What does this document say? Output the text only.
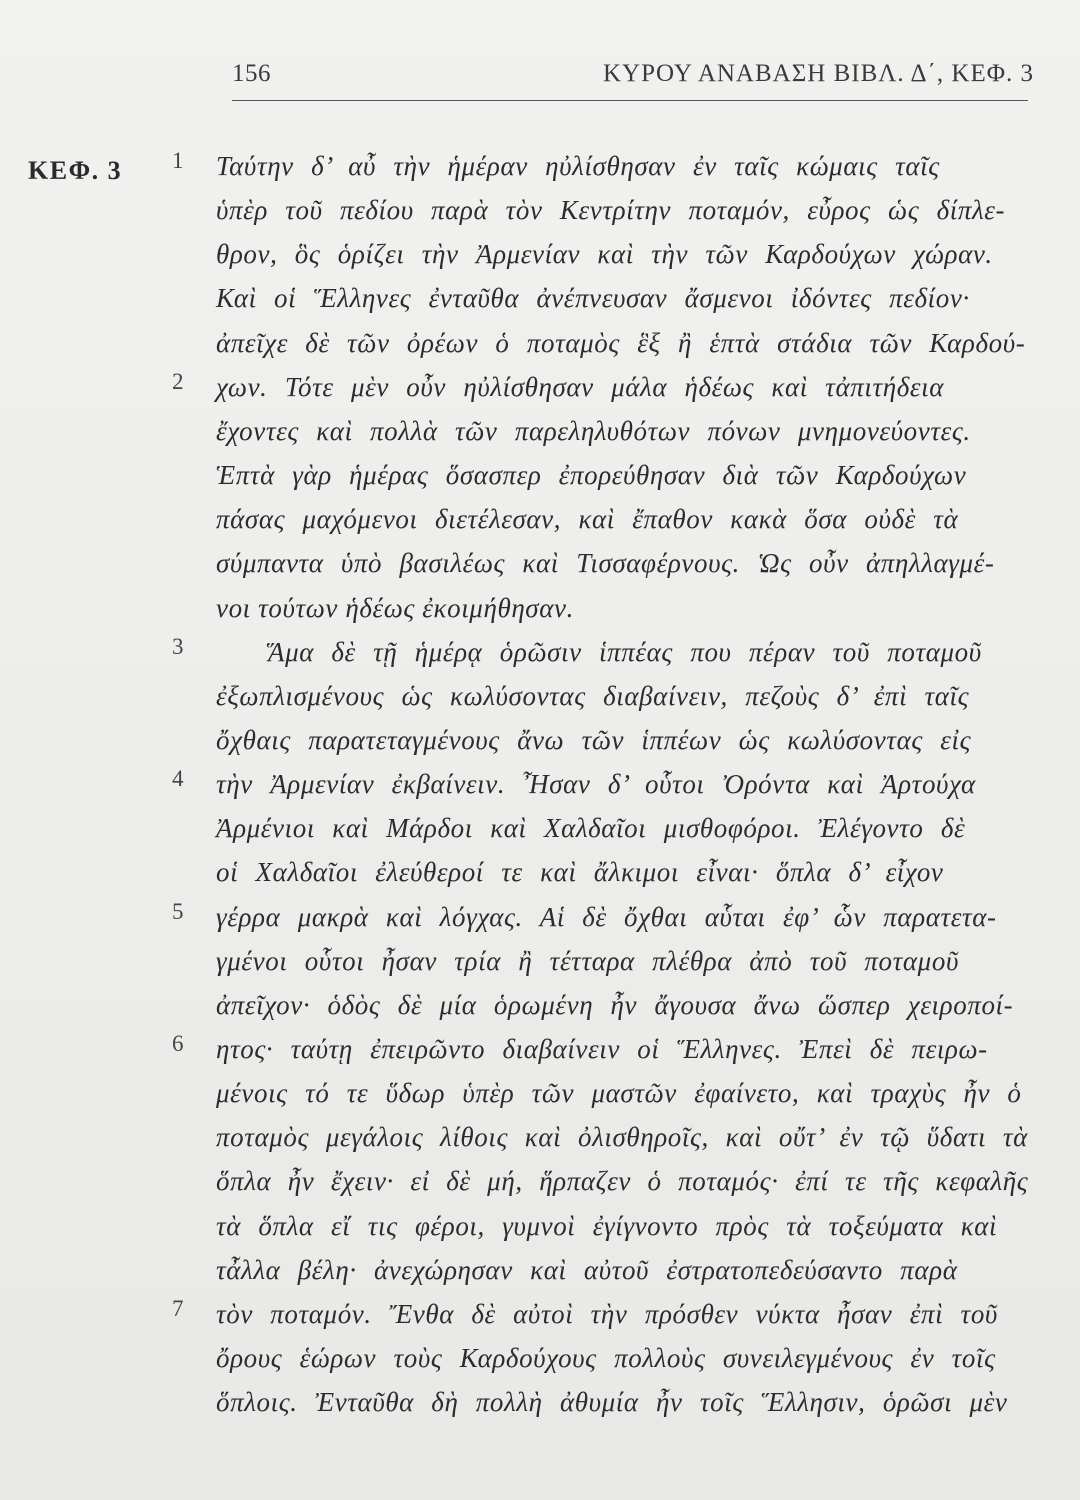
156	ΚΥΡΟΥ ΑΝΑΒΑΣΗ ΒΙΒΛ. Δ΄, ΚΕΦ. 3
ΚΕΦ. 3 1 Ταύτην δ’ αὖ τὴν ἡμέραν ηὐλίσθησαν ἐν ταῖς κώμαις ταῖς
ὑπὲρ τοῦ πεδίου παρὰ τὸν Κεντρίτην ποταμόν, εὖρος ὡς δίπλε-
θρον, ὃς ὁρίζει τὴν Ἀρμενίαν καὶ τὴν τῶν Καρδούχων χώραν.
Καὶ οἱ Ἕλληνες ἐνταῦθα ἀνέπνευσαν ἄσμενοι ἰδόντες πεδίον·
ἀπεῖχε δὲ τῶν ὀρέων ὁ ποταμὸς ἓξ ἢ ἑπτὰ στάδια τῶν Καρδού-
2 χων. Τότε μὲν οὖν ηὐλίσθησαν μάλα ἡδέως καὶ τἀπιτήδεια
ἔχοντες καὶ πολλὰ τῶν παρεληλυθότων πόνων μνημονεύοντες.
Ἑπτὰ γὰρ ἡμέρας ὅσασπερ ἐπορεύθησαν διὰ τῶν Καρδούχων
πάσας μαχόμενοι διετέλεσαν, καὶ ἔπαθον κακὰ ὅσα οὐδὲ τὰ
σύμπαντα ὑπὸ βασιλέως καὶ Τισσαφέρνους. Ὡς οὖν ἀπηλλαγμέ-
νοι τούτων ἡδέως ἐκοιμήθησαν.
3	Ἅμα δὲ τῇ ἡμέρᾳ ὁρῶσιν ἱππέας που πέραν τοῦ ποταμοῦ
ἐξωπλισμένους ὡς κωλύσοντας διαβαίνειν, πεζοὺς δ’ ἐπὶ ταῖς
ὄχθαις παρατεταγμένους ἄνω τῶν ἱππέων ὡς κωλύσοντας εἰς
4 τὴν Ἀρμενίαν ἐκβαίνειν. Ἦσαν δ’ οὗτοι Ὀρόντα καὶ Ἀρτούχα
Ἀρμένιοι καὶ Μάρδοι καὶ Χαλδαῖοι μισθοφόροι. Ἐλέγοντο δὲ
οἱ Χαλδαῖοι ἐλεύθεροί τε καὶ ἄλκιμοι εἶναι· ὅπλα δ’ εἶχον
5 γέρρα μακρὰ καὶ λόγχας. Αἱ δὲ ὄχθαι αὗται ἐφ’ ὧν παρατετα-
γμένοι οὗτοι ἦσαν τρία ἢ τέτταρα πλέθρα ἀπὸ τοῦ ποταμοῦ
ἀπεῖχον· ὁδὸς δὲ μία ὁρωμένη ἦν ἄγουσα ἄνω ὥσπερ χειροποί-
6 ητος· ταύτῃ ἐπειρῶντο διαβαίνειν οἱ Ἕλληνες. Ἐπεὶ δὲ πειρω-
μένοις τό τε ὕδωρ ὑπὲρ τῶν μαστῶν ἐφαίνετο, καὶ τραχὺς ἦν ὁ
ποταμὸς μεγάλοις λίθοις καὶ ὀλισθηροῖς, καὶ οὔτ’ ἐν τῷ ὕδατι τὰ
ὅπλα ἦν ἔχειν· εἰ δὲ μή, ἥρπαζεν ὁ ποταμός· ἐπί τε τῆς κεφαλῆς
τὰ ὅπλα εἴ τις φέροι, γυμνοὶ ἐγίγνοντο πρὸς τὰ τοξεύματα καὶ
τἆλλα βέλη· ἀνεχώρησαν καὶ αὐτοῦ ἐστρατοπεδεύσαντο παρὰ
7 τὸν ποταμόν. Ἔνθα δὲ αὐτοὶ τὴν πρόσθεν νύκτα ἦσαν ἐπὶ τοῦ
ὄρους ἑώρων τοὺς Καρδούχους πολλοὺς συνειλεγμένους ἐν τοῖς
ὅπλοις. Ἐνταῦθα δὴ πολλὴ ἀθυμία ἦν τοῖς Ἕλλησιν, ὁρῶσι μὲν
